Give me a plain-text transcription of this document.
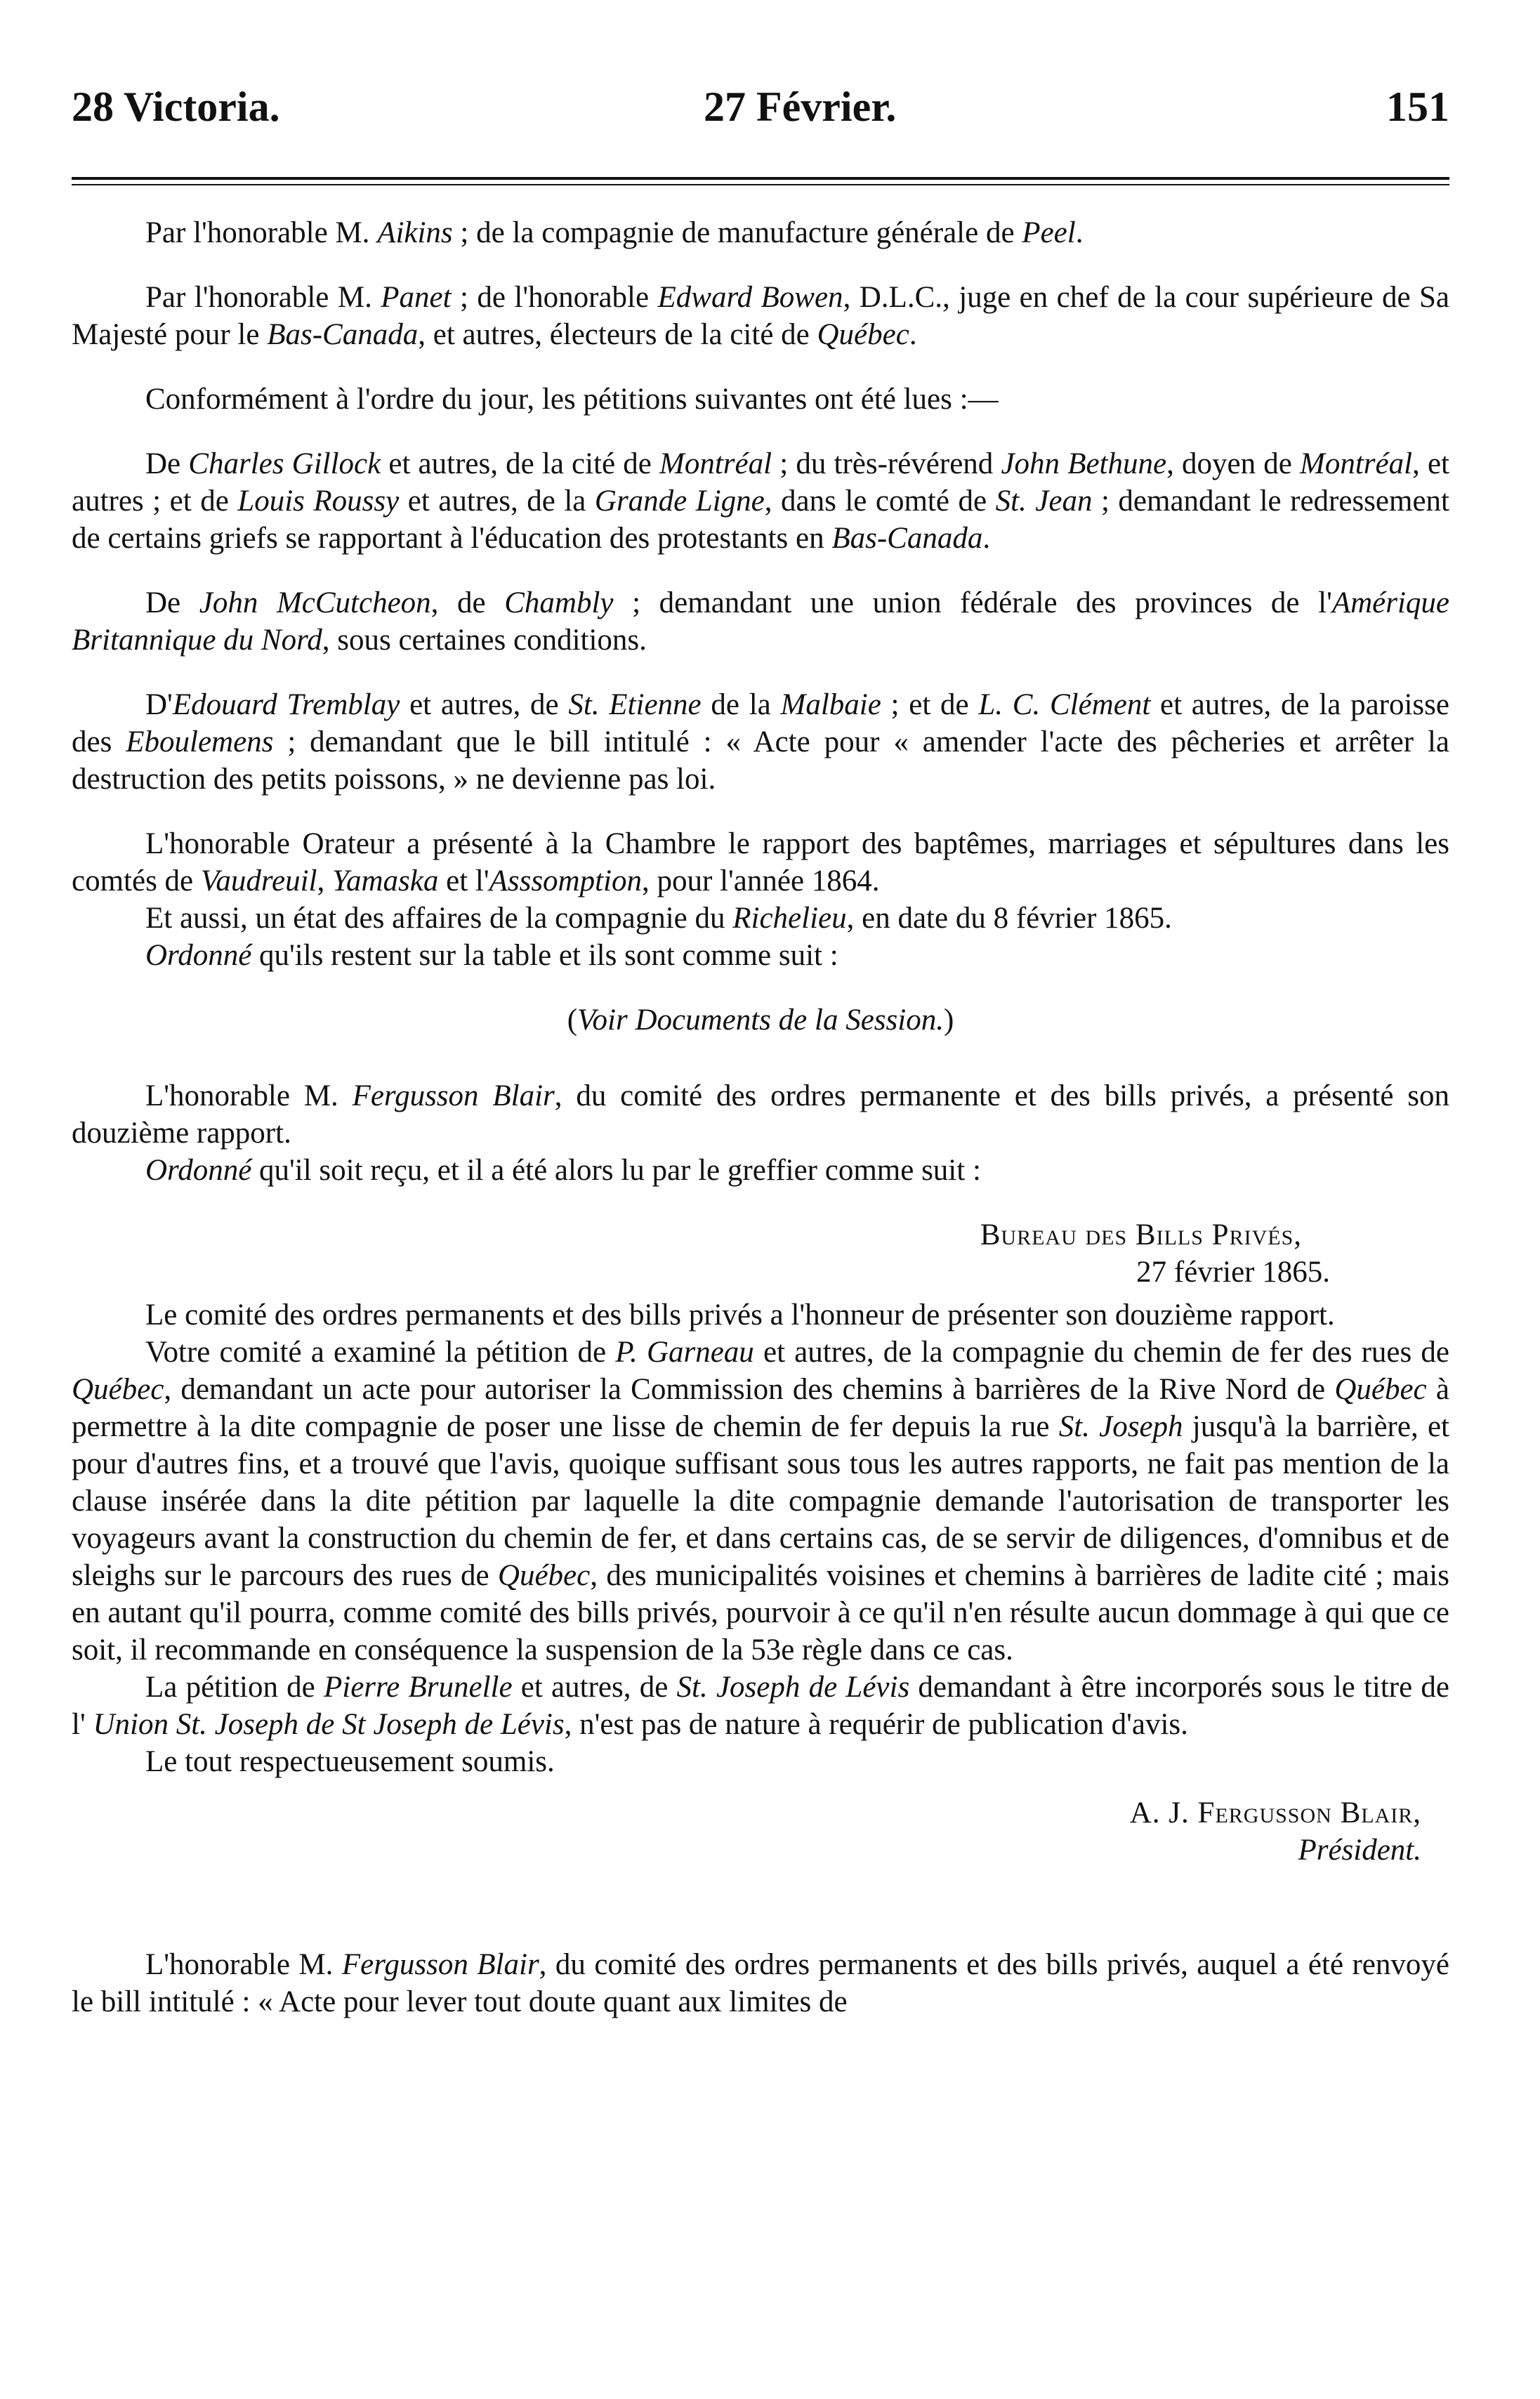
28 Victoria.	27 Février.	151

Par l'honorable M. Aikins ; de la compagnie de manufacture générale de Peel.

Par l'honorable M. Panet ; de l'honorable Edward Bowen, D.L.C., juge en chef de la cour supérieure de Sa Majesté pour le Bas-Canada, et autres, électeurs de la cité de Québec.

Conformément à l'ordre du jour, les pétitions suivantes ont été lues :—

De Charles Gillock et autres, de la cité de Montréal ; du très-révérend John Bethune, doyen de Montréal, et autres ; et de Louis Roussy et autres, de la Grande Ligne, dans le comté de St. Jean ; demandant le redressement de certains griefs se rapportant à l'éducation des protestants en Bas-Canada.

De John McCutcheon, de Chambly ; demandant une union fédérale des provinces de l'Amérique Britannique du Nord, sous certaines conditions.

D'Edouard Tremblay et autres, de St. Etienne de la Malbaie ; et de L. C. Clément et autres, de la paroisse des Eboulemens ; demandant que le bill intitulé : « Acte pour « amender l'acte des pêcheries et arrêter la destruction des petits poissons, » ne devienne pas loi.

L'honorable Orateur a présenté à la Chambre le rapport des baptêmes, marriages et sépultures dans les comtés de Vaudreuil, Yamaska et l'Asssomption, pour l'année 1864.

Et aussi, un état des affaires de la compagnie du Richelieu, en date du 8 février 1865.

Ordonné qu'ils restent sur la table et ils sont comme suit :

(Voir Documents de la Session.)

L'honorable M. Fergusson Blair, du comité des ordres permanente et des bills privés, a présenté son douzième rapport.

Ordonné qu'il soit reçu, et il a été alors lu par le greffier comme suit :

Bureau des Bills Privés,

27 février 1865.

Le comité des ordres permanents et des bills privés a l'honneur de présenter son douzième rapport.

Votre comité a examiné la pétition de P. Garneau et autres, de la compagnie du chemin de fer des rues de Québec, demandant un acte pour autoriser la Commission des chemins à barrières de la Rive Nord de Québec à permettre à la dite compagnie de poser une lisse de chemin de fer depuis la rue St. Joseph jusqu'à la barrière, et pour d'autres fins, et a trouvé que l'avis, quoique suffisant sous tous les autres rapports, ne fait pas mention de la clause insérée dans la dite pétition par laquelle la dite compagnie demande l'autorisation de transporter les voyageurs avant la construction du chemin de fer, et dans certains cas, de se servir de diligences, d'omnibus et de sleighs sur le parcours des rues de Québec, des municipalités voisines et chemins à barrières de ladite cité ; mais en autant qu'il pourra, comme comité des bills privés, pourvoir à ce qu'il n'en résulte aucun dommage à qui que ce soit, il recommande en conséquence la suspension de la 53e règle dans ce cas.

La pétition de Pierre Brunelle et autres, de St. Joseph de Lévis demandant à être incorporés sous le titre de l' Union St. Joseph de St Joseph de Lévis, n'est pas de nature à requérir de publication d'avis.

Le tout respectueusement soumis.

A. J. Fergusson Blair,

Président.

L'honorable M. Fergusson Blair, du comité des ordres permanents et des bills privés, auquel a été renvoyé le bill intitulé : « Acte pour lever tout doute quant aux limites de
